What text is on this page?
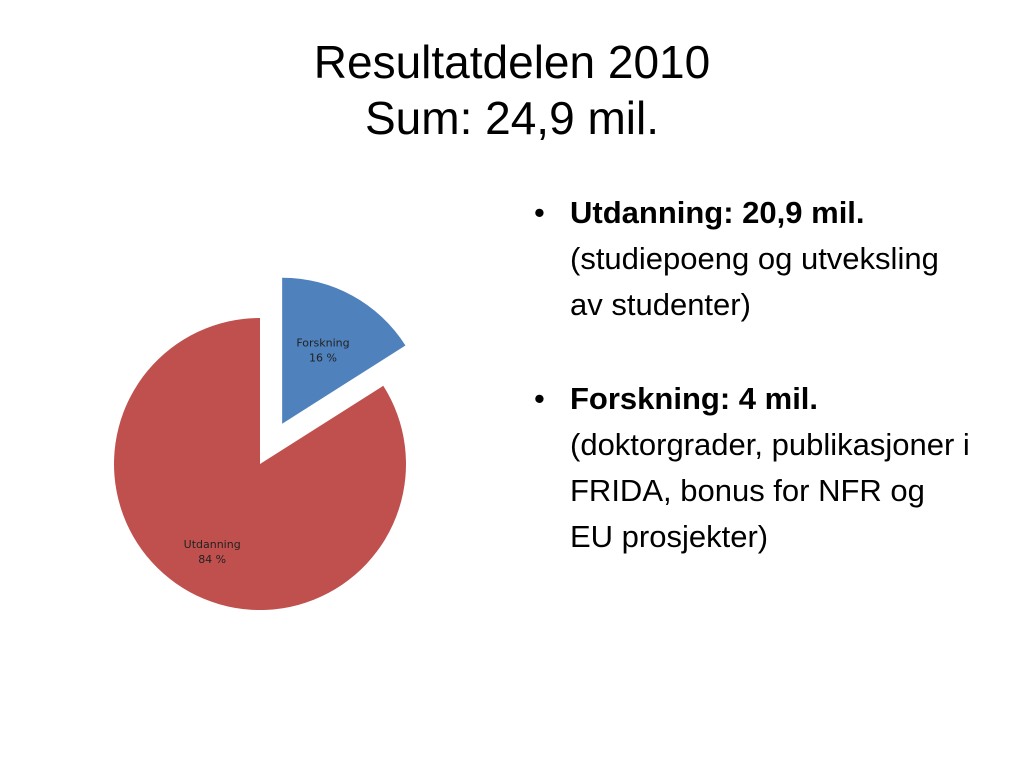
Resultatdelen 2010
Sum: 24,9 mil.
Forskning
16 %
Utdanning
84 %
• Utdanning: 20,9 mil.
(studiepoeng og utveksling av studenter)
• Forskning: 4 mil.
(doktorgrader, publikasjoner i FRIDA, bonus for NFR og EU prosjekter)
